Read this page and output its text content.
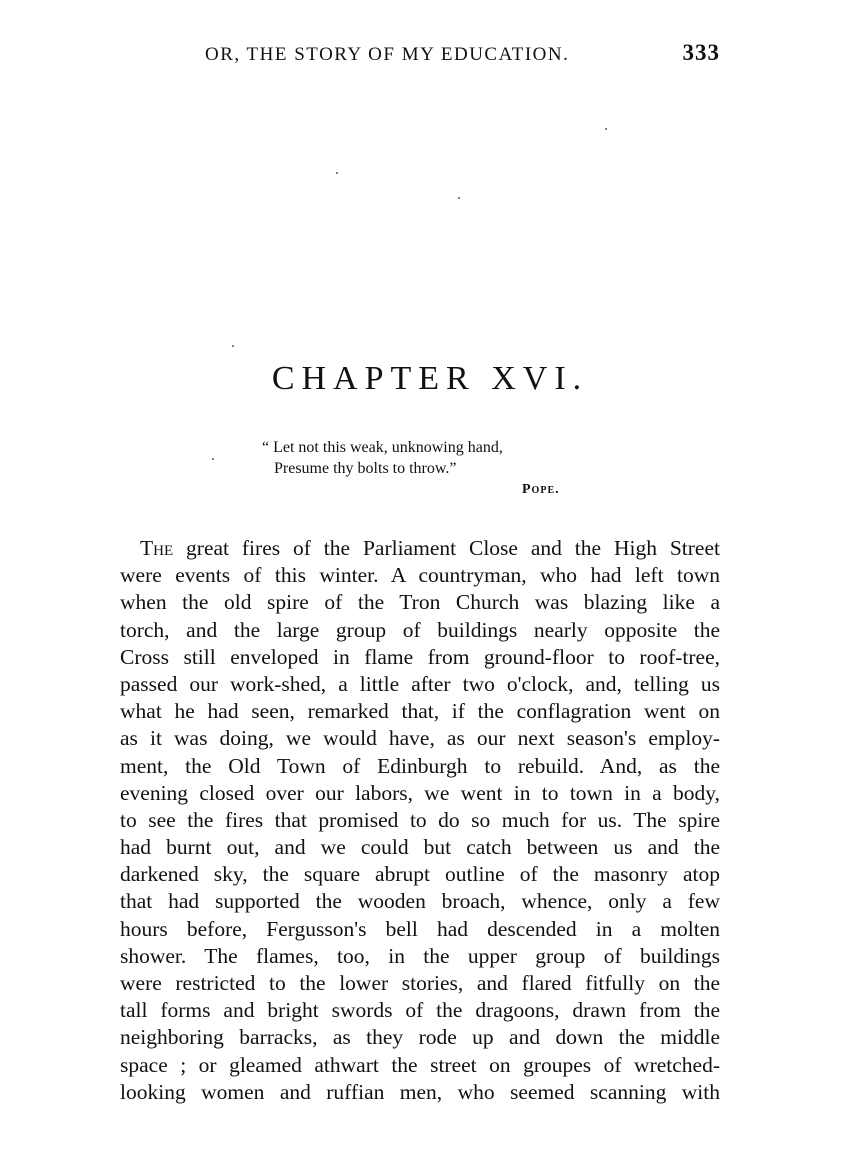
OR, THE STORY OF MY EDUCATION.	333
CHAPTER XVI.
“ Let not this weak, unknowing hand,
Presume thy bolts to throw.”
Pope.
The great fires of the Parliament Close and the High Street
were events of this winter. A countryman, who had left town
when the old spire of the Tron Church was blazing like a
torch, and the large group of buildings nearly opposite the
Cross still enveloped in flame from ground-floor to roof-tree,
passed our work-shed, a little after two o'clock, and, telling us
what he had seen, remarked that, if the conflagration went on
as it was doing, we would have, as our next season's employ-
ment, the Old Town of Edinburgh to rebuild. And, as the
evening closed over our labors, we went in to town in a body,
to see the fires that promised to do so much for us. The spire
had burnt out, and we could but catch between us and the
darkened sky, the square abrupt outline of the masonry atop
that had supported the wooden broach, whence, only a few
hours before, Fergusson's bell had descended in a molten
shower. The flames, too, in the upper group of buildings
were restricted to the lower stories, and flared fitfully on the
tall forms and bright swords of the dragoons, drawn from the
neighboring barracks, as they rode up and down the middle
space ; or gleamed athwart the street on groupes of wretched-
looking women and ruffian men, who seemed scanning with
